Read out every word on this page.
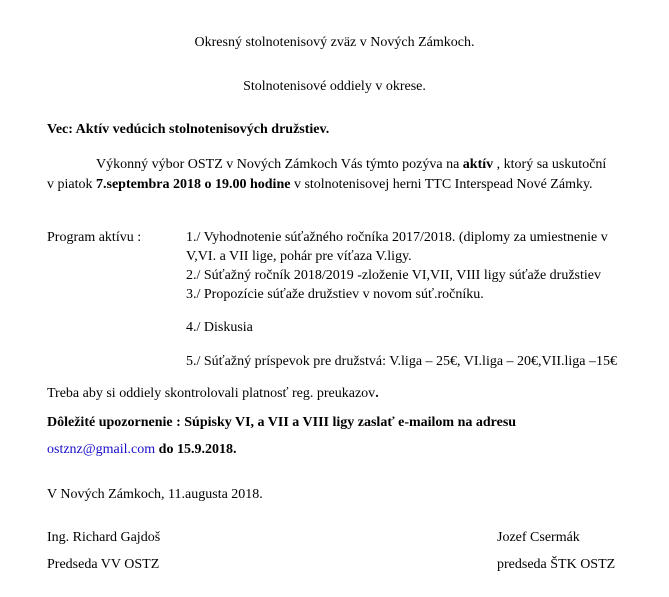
Okresný stolnotenisový zväz v Nových Zámkoch.
Stolnotenisové oddiely v okrese.
Vec: Aktív vedúcich stolnotenisových družstiev.
Výkonný výbor OSTZ v Nových Zámkoch Vás týmto pozýva na aktív , ktorý sa uskutoční
v piatok 7.septembra 2018 o 19.00 hodine v stolnotenisovej herni TTC Interspead Nové Zámky.
Program aktívu :	1./ Vyhodnotenie súťažného ročníka 2017/2018. (diplomy za umiestnenie v
V,VI. a VII lige, pohár pre víťaza V.ligy.
2./ Súťažný ročník 2018/2019 -zloženie VI,VII, VIII ligy súťaže družstiev
3./ Propozície súťaže družstiev v novom súť.ročníku.
4./ Diskusia
5./ Súťažný príspevok pre družstvá: V.liga – 25€, VI.liga – 20€,VII.liga –15€
Treba aby si oddiely skontrolovali platnosť reg. preukazov.
Dôležité upozornenie : Súpisky VI, a VII a VIII ligy zaslať e-mailom na adresu
ostznz@gmail.com do 15.9.2018.
V Nových Zámkoch, 11.augusta 2018.
Ing. Richard Gajdoš
Predseda VV OSTZ
Jozef Csermák
predseda ŠTK OSTZ
